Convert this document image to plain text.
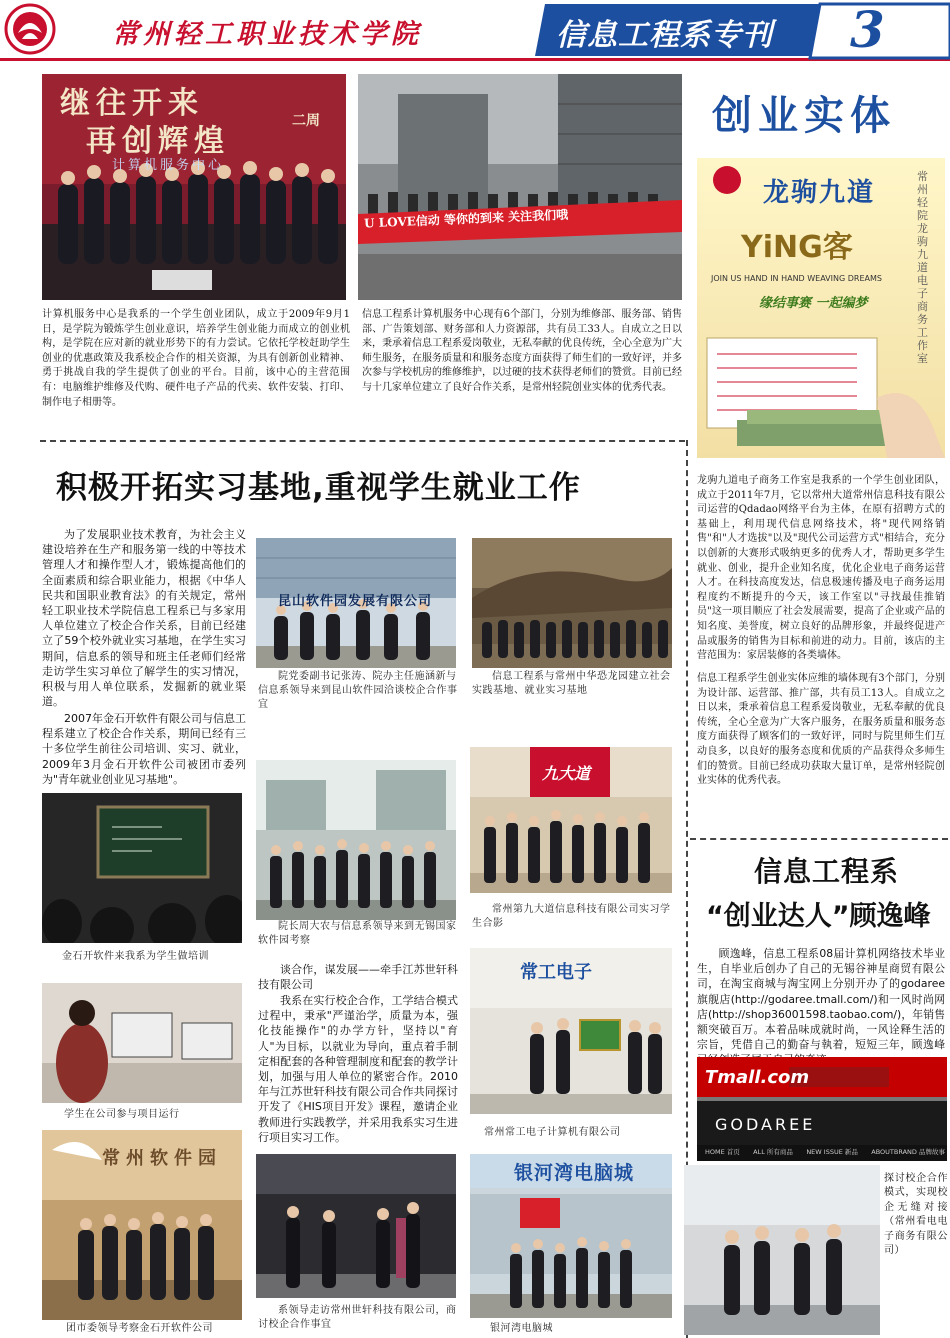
常州轻工职业技术学院	信息工程系专刊 3
继往开来
再创辉煌
二周
计算机服务中心
U LOVE信动 等你的到来 关注我们哦
计算机服务中心是我系的一个学生创业团队，成立于2009年9月1日，是学院为锻炼学生创业意识，培养学生创业能力而成立的创业机构，是学院在应对新的就业形势下的有力尝试。它依托学校赶助学生创业的优惠政策及我系校企合作的相关资源，为具有创新创业精神、勇于挑战自我的学生提供了创业的平台。目前，该中心的主营范围有：电脑维护维修及代购、硬件电子产品的代卖、软件安装、打印、制作电子相册等。
信息工程系计算机服务中心现有6个部门，分别为维修部、服务部、销售部、广告策划部、财务部和人力资源部，共有员工33人。自成立之日以来，秉承着信息工程系爱岗敬业，无私奉献的优良传统，全心全意为广大师生服务，在服务质量和和服务态度方面获得了师生们的一致好评，并多次参与学校机房的维修维护，以过硬的技术获得老师们的赞赏。目前已经与十几家单位建立了良好合作关系，是常州轻院创业实体的优秀代表。
创业实体
龙驹九道
YiNG客
JOIN US HAND IN HAND WEAVING DREAMS
缘结事赛 一起编梦
常州轻院 龙驹九道电子商务工作室
龙驹九道电子商务工作室是我系的一个学生创业团队，成立于2011年7月，它以常州大道常州信息科技有限公司运营的Qdadao网络平台为主体，在原有招聘方式的基础上，利用现代信息网络技术，将"现代网络销售"和"人才选拔"以及"现代公司运营方式"相结合，充分以创新的大赛形式吸纳更多的优秀人才，帮助更多学生就业、创业，提升企业知名度，优化企业电子商务运营人才。在科技高度发达，信息极速传播及电子商务运用程度约不断提升的今天，该工作室以"寻找最佳推销员"这一项目顺应了社会发展需要，提高了企业或产品的知名度、美誉度，树立良好的品牌形象，并最终促进产品或服务的销售为目标和前进的动力。目前，该店的主营范围为：家居装修的各类墙体。
信息工程系学生创业实体应维的墙体现有3个部门，分别为设计部、运营部、推广部，共有员工13人。自成立之日以来，秉承着信息工程系爱岗敬业，无私奉献的优良传统，全心全意为广大客户服务，在服务质量和服务态度方面获得了顾客们的一致好评，同时与院里师生们互动良多，以良好的服务态度和优质的产品获得众多师生们的赞赏。目前已经成功获取大量订单，是常州轻院创业实体的优秀代表。
积极开拓实习基地,重视学生就业工作
为了发展职业技术教育，为社会主义建设培养在生产和服务第一线的中等技术管理人才和操作型人才，锻炼提高他们的全面素质和综合职业能力，根据《中华人民共和国职业教育法》的有关规定，常州轻工职业技术学院信息工程系已与多家用人单位建立了校企合作关系，目前已经建立了59个校外就业实习基地，在学生实习期间，信息系的领导和班主任老师们经常走访学生实习单位了解学生的实习情况，积极与用人单位联系，发掘新的就业渠道。
2007年金石开软件有限公司与信息工程系建立了校企合作关系，期间已经有三十多位学生前往公司培训、实习、就业，2009年3月金石开软件公司被团市委列为"青年就业创业见习基地"。
金石开软件来我系为学生做培训
学生在公司参与项目运行
常州软件园
团市委领导考察金石开软件公司
昆山软件园发展有限公司
院党委副书记张涛、院办主任施涵新与信息系领导来到昆山软件园洽谈校企合作事宜
信息工程系与常州中华恐龙园建立社会实践基地、就业实习基地
院长周大农与信息系领导来到无锡国家软件园考察
九大道
常州第九大道信息科技有限公司实习学生合影
谈合作，谋发展——牵手江苏世轩科技有限公司
我系在实行校企合作，工学结合模式过程中，秉承"严谨治学，质量为本，强化技能操作"的办学方针，坚持以"育人"为目标，以就业为导向，重点着手制定相配套的各种管理制度和配套的教学计划，加强与用人单位的紧密合作。2010年与江苏世轩科技有限公司合作共同探讨开发了《HIS项目开发》课程，邀请企业教师进行实践教学，并采用我系实习生进行项目实习工作。
常工电子
常州常工电子计算机有限公司
系领导走访常州世轩科技有限公司，商讨校企合作事宜
银河湾电脑城
银河湾电脑城
信息工程系
“创业达人”顾逸峰
顾逸峰，信息工程系08届计算机网络技术毕业生，自毕业后创办了自己的无锡谷神星商贸有限公司，在淘宝商城与淘宝网上分别开办了的godaree旗舰店(http://godaree.tmall.com/)和一风时尚网店(http://shop36001598.taobao.com/)，年销售额突破百万。本着品味成就时尚，一风诠释生活的宗旨，凭借自己的勤奋与執着，短短三年，顾逸峰
Tmall.com
GODAREE
HOME 首页 ALL 所有商品 NEW ISSUE 新品 ABOUTBRAND 品牌故事
探讨校企合作模式，实现校企无缝对接（常州看电电子商务有限公司）
